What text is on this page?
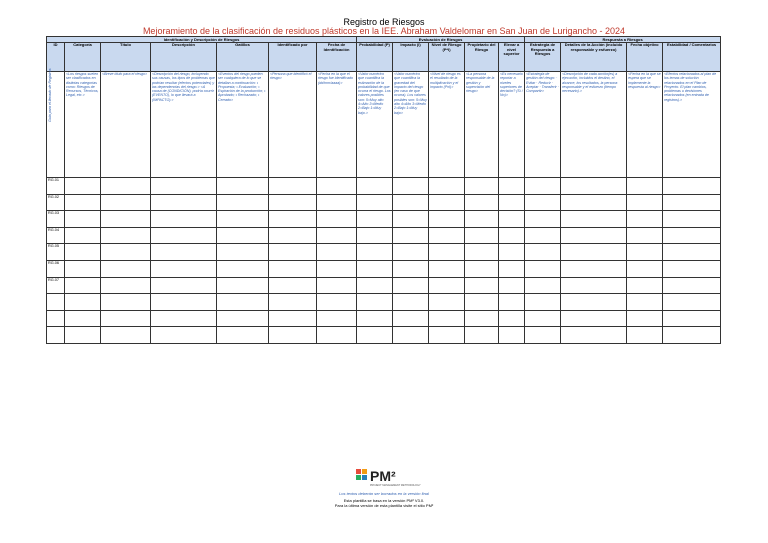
Registro de Riesgos
Mejoramiento de la clasificación de residuos plásticos en la IEE. Abraham Valdelomar en San Juan de Lurigancho - 2024
Identificación y Descripción de Riesgos							Evaluación de Riesgos					Respuesta a Riesgos			
ID	Categoría	Título	Descripción	Gatillos	Identificado por	Fecha de Identificación	Probabilidad (P)	Impacto (I)	Nivel de Riesgo (P*I)	Propietario del Riesgo	Elevar a nivel superior	Estrategia de Respuesta a Riesgos	Detalles de la Acción (incluido responsable y esfuerzo)	Fecha objetivo	Estabilidad / Comentarios

Guía para el llenado de Registros	<Los riesgos suelen ser clasificados en distintas categorías como: Riesgos de Recursos, Técnicos, Legal, etc.>	<Breve título para el riesgo>	<Descripción del riesgo, incluyendo sus causas, los tipos de problemas que podrían resultar (efectos potenciales) y las dependencias del riesgo.> <A causa de (CONDICIÓN), podría ocurrir (EVENTO), lo que llevará a (IMPACTO).>	<Eventos del riesgo pueden ser cualquiera de lo que se detallan a continuación: • Propuesta; • Evaluación; • Espiración de la producción; • Aprobado; • Rechazado; • Cerrado>	<Persona que identificó el riesgo>	<Fecha en la que el riesgo fue identificado (dd/mm/aaaa)>	<Valor numérico que cuantifica la estimación de la probabilidad de que ocurra el riesgo. Los valores posibles son: 5=Muy alto 4=Alto 3=Medio 2=Bajo 1=Muy bajo.>	<Valor numérico que cuantifica la gravedad del impacto del riesgo (en caso de que ocurra). Los valores posibles son: 5=Muy alto 4=Alto 3=Medio 2=Bajo 1=Muy bajo>	<Nivel de riesgo es el resultado de la multiplicación y el impacto (PxI)>	<La persona responsable de la gestión y supervisión del riesgo>	<Es necesario reportar a niveles superiores de decisión? (Sí / No)>	<Estrategia de gestión del riesgo: · Evitar · Reducir · Aceptar · Transferir · Compartir>	<Descripción de cada acción(es) a ejecución, incluidos el destino, el alcance, los resultados, la persona responsable y el esfuerzo (tiempo necesario).>	<Fecha en la que se espera que se implemente la respuesta al riesgo>	<Efectos relacionados al plan de los temas de solución relacionados en el Plan de Proyecto. El plan cambios, problemas u decisiones relacionados (en entrada de registros).>
RG.01															
RG.02															
RG.03															
RG.04															
RG.05															
RG.06															
RG.07															

PM²
PROJECT MANAGEMENT METHODOLOGY
Los textos deberán ser borrados en la versión final
Esta plantilla se basa en la versión PM² V3.0.
Para la última versión de esta plantilla visite el sitio PM²
